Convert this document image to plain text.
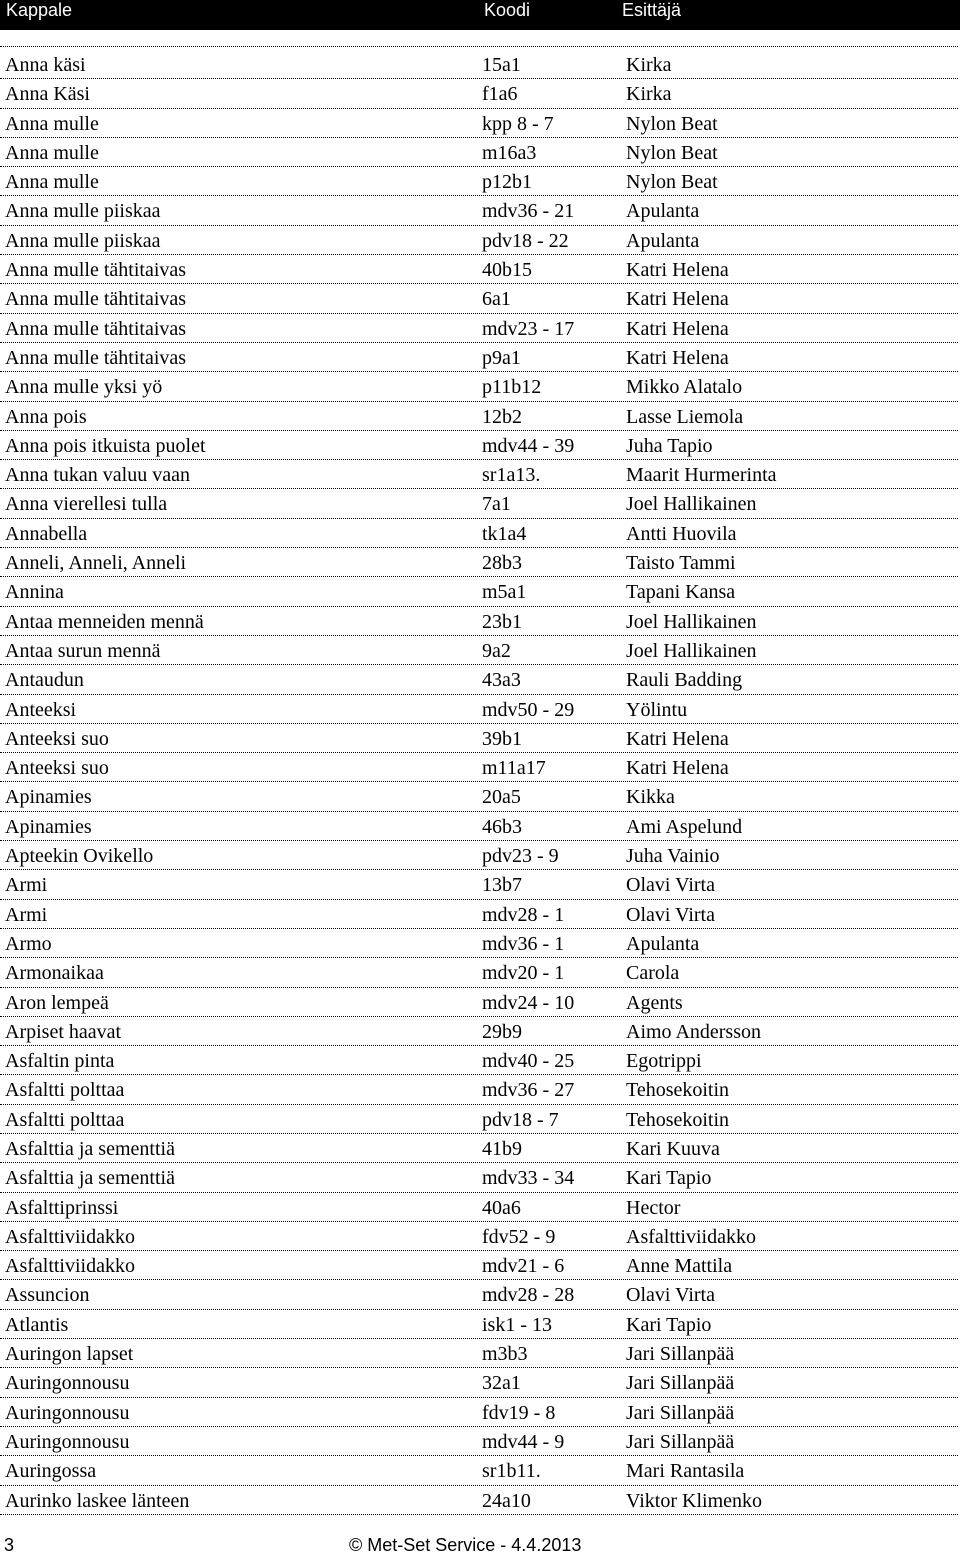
Kappale	Koodi	Esittäjä
Anna käsi	15a1	Kirka
Anna Käsi	f1a6	Kirka
Anna mulle	kpp 8 - 7	Nylon Beat
Anna mulle	m16a3	Nylon Beat
Anna mulle	p12b1	Nylon Beat
Anna mulle piiskaa	mdv36 - 21	Apulanta
Anna mulle piiskaa	pdv18 - 22	Apulanta
Anna mulle tähtitaivas	40b15	Katri Helena
Anna mulle tähtitaivas	6a1	Katri Helena
Anna mulle tähtitaivas	mdv23 - 17	Katri Helena
Anna mulle tähtitaivas	p9a1	Katri Helena
Anna mulle yksi yö	p11b12	Mikko Alatalo
Anna pois	12b2	Lasse Liemola
Anna pois itkuista puolet	mdv44 - 39	Juha Tapio
Anna tukan valuu vaan	sr1a13.	Maarit Hurmerinta
Anna vierellesi tulla	7a1	Joel Hallikainen
Annabella	tk1a4	Antti Huovila
Anneli, Anneli, Anneli	28b3	Taisto Tammi
Annina	m5a1	Tapani Kansa
Antaa menneiden mennä	23b1	Joel Hallikainen
Antaa surun mennä	9a2	Joel Hallikainen
Antaudun	43a3	Rauli Badding
Anteeksi	mdv50 - 29	Yölintu
Anteeksi suo	39b1	Katri Helena
Anteeksi suo	m11a17	Katri Helena
Apinamies	20a5	Kikka
Apinamies	46b3	Ami Aspelund
Apteekin Ovikello	pdv23 - 9	Juha Vainio
Armi	13b7	Olavi Virta
Armi	mdv28 - 1	Olavi Virta
Armo	mdv36 - 1	Apulanta
Armonaikaa	mdv20 - 1	Carola
Aron lempeä	mdv24 - 10	Agents
Arpiset haavat	29b9	Aimo Andersson
Asfaltin pinta	mdv40 - 25	Egotrippi
Asfaltti polttaa	mdv36 - 27	Tehosekoitin
Asfaltti polttaa	pdv18 - 7	Tehosekoitin
Asfalttia ja sementtiä	41b9	Kari Kuuva
Asfalttia ja sementtiä	mdv33 - 34	Kari Tapio
Asfalttiprinssi	40a6	Hector
Asfalttiviidakko	fdv52 - 9	Asfalttiviidakko
Asfalttiviidakko	mdv21 - 6	Anne Mattila
Assuncion	mdv28 - 28	Olavi Virta
Atlantis	isk1 - 13	Kari Tapio
Auringon lapset	m3b3	Jari Sillanpää
Auringonnousu	32a1	Jari Sillanpää
Auringonnousu	fdv19 - 8	Jari Sillanpää
Auringonnousu	mdv44 - 9	Jari Sillanpää
Auringossa	sr1b11.	Mari Rantasila
Aurinko laskee länteen	24a10	Viktor Klimenko
3	© Met-Set Service - 4.4.2013
